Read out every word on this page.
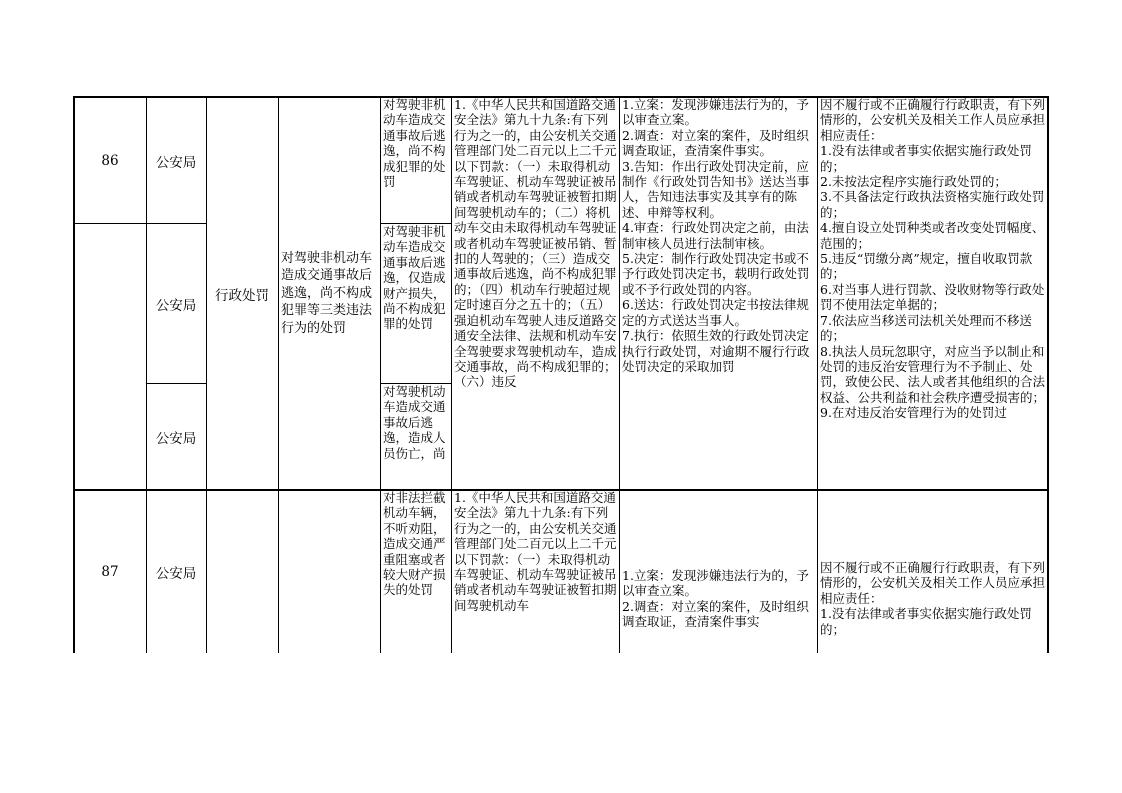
86	公安局
公安局
公安局
行政处罚
对驾驶非机动车造成交通事故后逃逸，尚不构成犯罪等三类违法行为的处罚
对驾驶非机动车造成交通事故后逃逸，尚不构成犯罪的处罚
对驾驶非机动车造成交通事故后逃逸，仅造成财产损失，尚不构成犯罪的处罚
对驾驶机动车造成交通事故后逃逸，造成人员伤亡，尚
1.《中华人民共和国道路交通安全法》第九十九条:有下列行为之一的，由公安机关交通管理部门处二百元以上二千元以下罚款：（一）未取得机动车驾驶证、机动车驾驶证被吊销或者机动车驾驶证被暂扣期间驾驶机动车的；（二）将机动车交由未取得机动车驾驶证或者机动车驾驶证被吊销、暂扣的人驾驶的；（三）造成交通事故后逃逸，尚不构成犯罪的；（四）机动车行驶超过规定时速百分之五十的；（五）强迫机动车驾驶人违反道路交通安全法律、法规和机动车安全驾驶要求驾驶机动车，造成交通事故，尚不构成犯罪的；（六）违反
1.立案：发现涉嫌违法行为的，予以审查立案。
2.调查：对立案的案件，及时组织调查取证，查清案件事实。
3.告知：作出行政处罚决定前，应制作《行政处罚告知书》送达当事人，告知违法事实及其享有的陈述、申辩等权利。
4.审查：行政处罚决定之前，由法制审核人员进行法制审核。
5.决定：制作行政处罚决定书或不予行政处罚决定书，载明行政处罚或不予行政处罚的内容。
6.送达：行政处罚决定书按法律规定的方式送达当事人。
7.执行：依照生效的行政处罚决定执行行政处罚，对逾期不履行行政处罚决定的采取加罚
因不履行或不正确履行行政职责，有下列情形的，公安机关及相关工作人员应承担相应责任：
1.没有法律或者事实依据实施行政处罚的；
2.未按法定程序实施行政处罚的；
3.不具备法定行政执法资格实施行政处罚的；
4.擅自设立处罚种类或者改变处罚幅度、范围的；
5.违反“罚缴分离”规定，擅自收取罚款的；
6.对当事人进行罚款、没收财物等行政处罚不使用法定单据的；
7.依法应当移送司法机关处理而不移送的；
8.执法人员玩忽职守，对应当予以制止和处罚的违反治安管理行为不予制止、处罚，致使公民、法人或者其他组织的合法权益、公共利益和社会秩序遭受损害的；
9.在对违反治安管理行为的处罚过
87	公安局
对非法拦截机动车辆，不听劝阻，造成交通严重阻塞或者较大财产损失的处罚
1.《中华人民共和国道路交通安全法》第九十九条:有下列行为之一的，由公安机关交通管理部门处二百元以上二千元以下罚款：（一）未取得机动车驾驶证、机动车驾驶证被吊销或者机动车驾驶证被暂扣期间驾驶机动车
1.立案：发现涉嫌违法行为的，予以审查立案。
2.调查：对立案的案件，及时组织调查取证，查清案件事实
因不履行或不正确履行行政职责，有下列情形的，公安机关及相关工作人员应承担相应责任：
1.没有法律或者事实依据实施行政处罚的；
